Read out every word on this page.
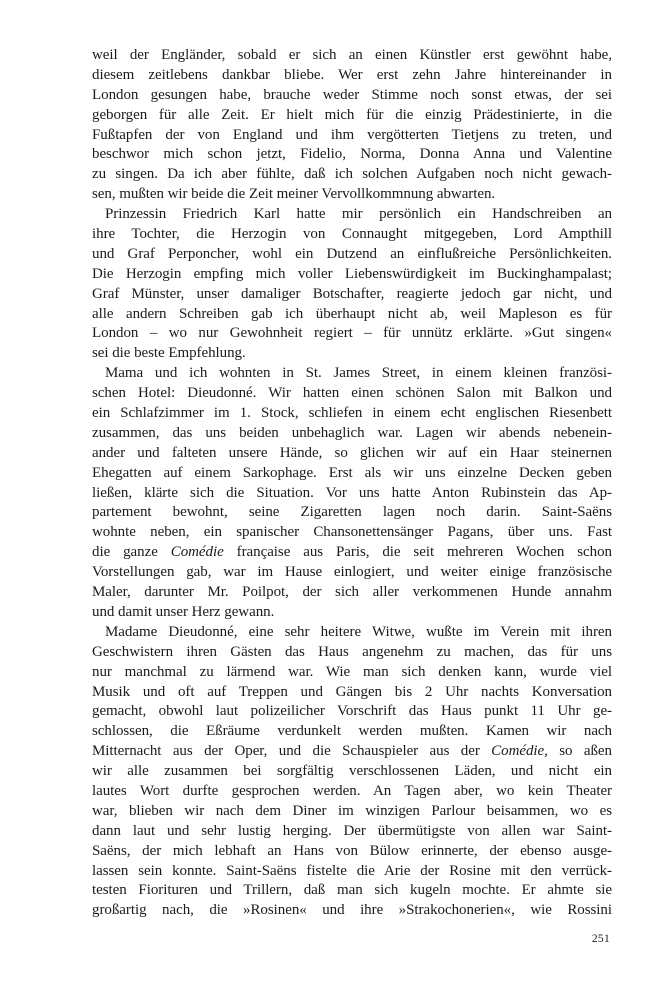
weil der Engländer, sobald er sich an einen Künstler erst gewöhnt habe,
diesem zeitlebens dankbar bliebe. Wer erst zehn Jahre hintereinander in
London gesungen habe, brauche weder Stimme noch sonst etwas, der sei
geborgen für alle Zeit. Er hielt mich für die einzig Prädestinierte, in die
Fußtapfen der von England und ihm vergötterten Tietjens zu treten, und
beschwor mich schon jetzt, Fidelio, Norma, Donna Anna und Valentine
zu singen. Da ich aber fühlte, daß ich solchen Aufgaben noch nicht gewach-
sen, mußten wir beide die Zeit meiner Vervollkommnung abwarten.
Prinzessin Friedrich Karl hatte mir persönlich ein Handschreiben an
ihre Tochter, die Herzogin von Connaught mitgegeben, Lord Ampthill
und Graf Perponcher, wohl ein Dutzend an einflußreiche Persönlichkeiten.
Die Herzogin empfing mich voller Liebenswürdigkeit im Buckinghampalast;
Graf Münster, unser damaliger Botschafter, reagierte jedoch gar nicht, und
alle andern Schreiben gab ich überhaupt nicht ab, weil Mapleson es für
London – wo nur Gewohnheit regiert – für unnütz erklärte. »Gut singen«
sei die beste Empfehlung.
Mama und ich wohnten in St. James Street, in einem kleinen französi-
schen Hotel: Dieudonné. Wir hatten einen schönen Salon mit Balkon und
ein Schlafzimmer im 1. Stock, schliefen in einem echt englischen Riesenbett
zusammen, das uns beiden unbehaglich war. Lagen wir abends nebenein-
ander und falteten unsere Hände, so glichen wir auf ein Haar steinernen
Ehegatten auf einem Sarkophage. Erst als wir uns einzelne Decken geben
ließen, klärte sich die Situation. Vor uns hatte Anton Rubinstein das Ap-
partement bewohnt, seine Zigaretten lagen noch darin. Saint-Saëns
wohnte neben, ein spanischer Chansonettensänger Pagans, über uns. Fast
die ganze Comédie française aus Paris, die seit mehreren Wochen schon
Vorstellungen gab, war im Hause einlogiert, und weiter einige französische
Maler, darunter Mr. Poilpot, der sich aller verkommenen Hunde annahm
und damit unser Herz gewann.
Madame Dieudonné, eine sehr heitere Witwe, wußte im Verein mit ihren
Geschwistern ihren Gästen das Haus angenehm zu machen, das für uns
nur manchmal zu lärmend war. Wie man sich denken kann, wurde viel
Musik und oft auf Treppen und Gängen bis 2 Uhr nachts Konversation
gemacht, obwohl laut polizeilicher Vorschrift das Haus punkt 11 Uhr ge-
schlossen, die Eßräume verdunkelt werden mußten. Kamen wir nach
Mitternacht aus der Oper, und die Schauspieler aus der Comédie, so aßen
wir alle zusammen bei sorgfältig verschlossenen Läden, und nicht ein
lautes Wort durfte gesprochen werden. An Tagen aber, wo kein Theater
war, blieben wir nach dem Diner im winzigen Parlour beisammen, wo es
dann laut und sehr lustig herging. Der übermütigste von allen war Saint-
Saëns, der mich lebhaft an Hans von Bülow erinnerte, der ebenso ausge-
lassen sein konnte. Saint-Saëns fistelte die Arie der Rosine mit den verrück-
testen Fiorituren und Trillern, daß man sich kugeln mochte. Er ahmte sie
großartig nach, die »Rosinen« und ihre »Strakochonerien«, wie Rossini
251
